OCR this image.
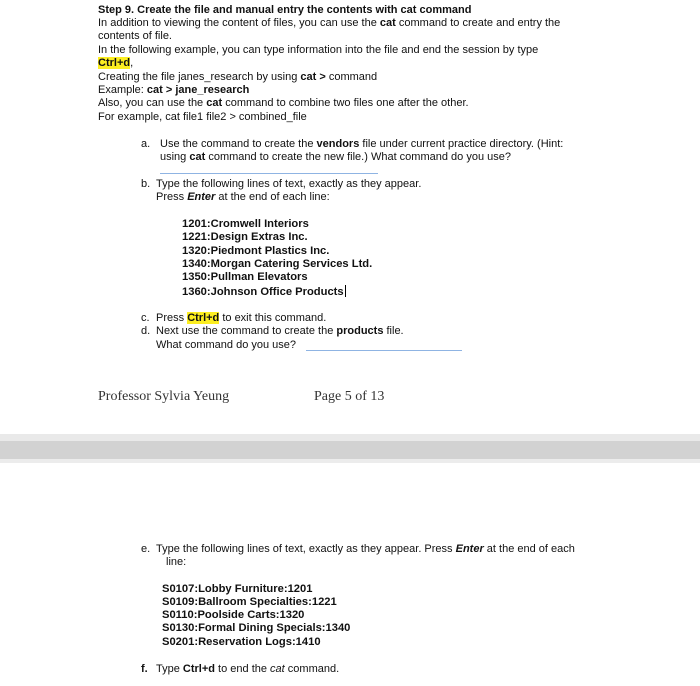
Step 9. Create the file and manual entry the contents with cat command
In addition to viewing the content of files, you can use the cat command to create and entry the
contents of file.
In the following example, you can type information into the file and end the session by type
Ctrl+d,
Creating the file janes_research by using cat > command
Example: cat > jane_research
Also, you can use the cat command to combine two files one after the other.
For example, cat file1 file2 > combined_file
a. Use the command to create the vendors file under current practice directory. (Hint:
using cat command to create the new file.) What command do you use?
b. Type the following lines of text, exactly as they appear.
Press Enter at the end of each line:
1201:Cromwell Interiors
1221:Design Extras Inc.
1320:Piedmont Plastics Inc.
1340:Morgan Catering Services Ltd.
1350:Pullman Elevators
1360:Johnson Office Products
c. Press Ctrl+d to exit this command.
d. Next use the command to create the products file.
What command do you use?
Professor Sylvia Yeung	Page 5 of 13
e. Type the following lines of text, exactly as they appear. Press Enter at the end of each
line:
S0107:Lobby Furniture:1201
S0109:Ballroom Specialties:1221
S0110:Poolside Carts:1320
S0130:Formal Dining Specials:1340
S0201:Reservation Logs:1410
f. Type Ctrl+d to end the cat command.
